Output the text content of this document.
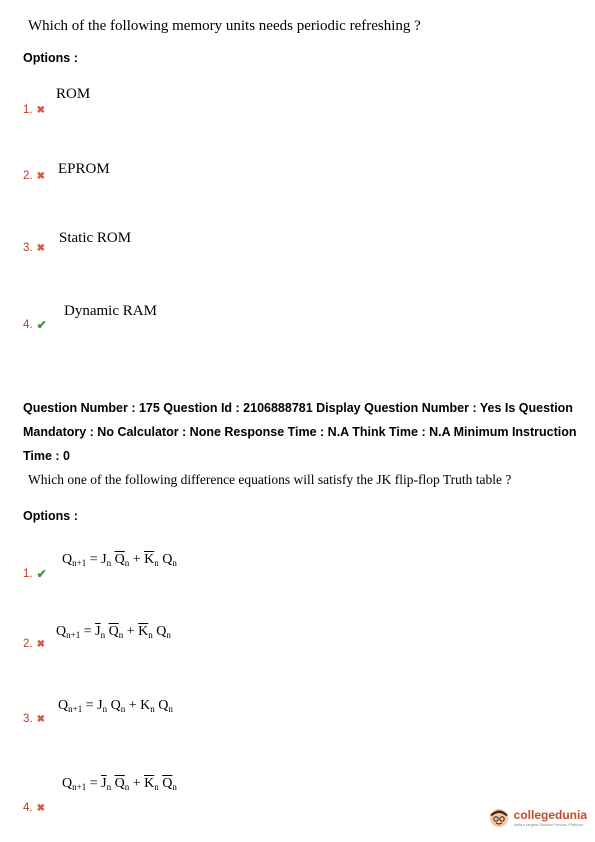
Which of the following memory units needs periodic refreshing ?
Options :
ROM
1. ✖
EPROM
2. ✖
Static ROM
3. ✖
Dynamic RAM
4. ✔
Question Number : 175 Question Id : 2106888781 Display Question Number : Yes Is Question
Mandatory : No Calculator : None Response Time : N.A Think Time : N.A Minimum Instruction
Time : 0
Which one of the following difference equations will satisfy the JK flip-flop Truth table ?
Options :
$Q_{n+1} = J_n$ $\overline{Q}_n + \overline{K}_n$ $Q_n$
1. ✔
$Q_{n+1} = \overline{J}_n$ $\overline{Q}_n + \overline{K}_n$ $Q_n$
2. ✖
$Q_{n+1} = J_n$ $Q_n + K_n$ $Q_n$
3. ✖
$Q_{n+1} = \overline{J}_n$ $\overline{Q}_n + \overline{K}_n$ $\overline{Q}_n$
4. ✖	collegedunia
India's largest Student Review Platform
